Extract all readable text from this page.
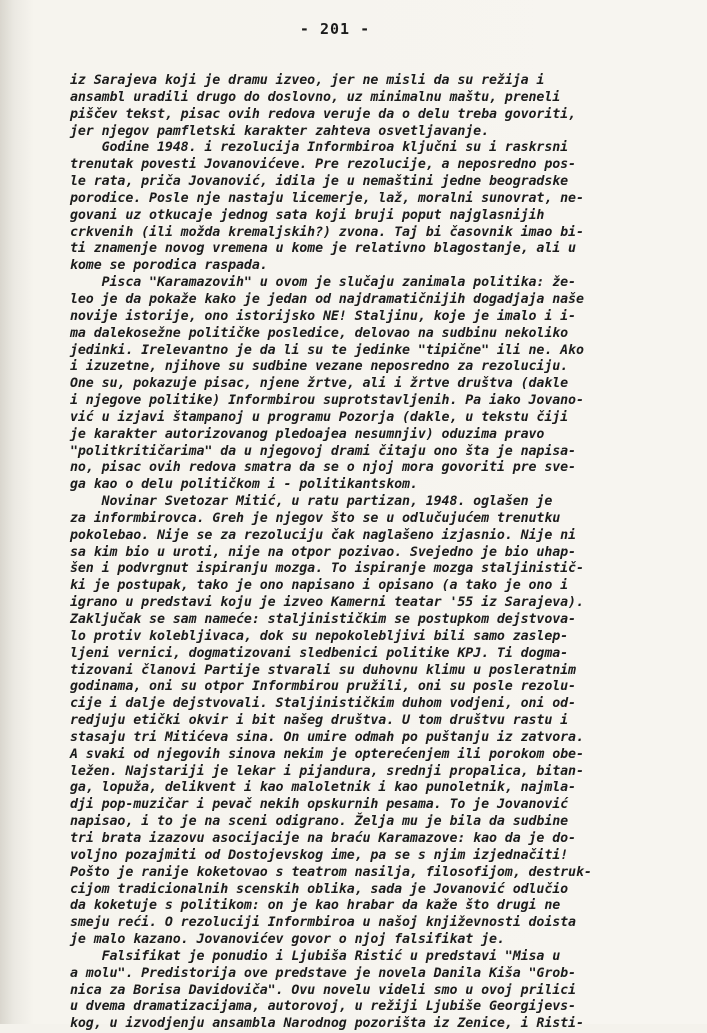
- 201 -
iz Sarajeva koji je dramu izveo, jer ne misli da su režija i
ansambl uradili drugo do doslovno, uz minimalnu maštu, preneli
piščev tekst, pisac ovih redova veruje da o delu treba govoriti,
jer njegov pamfletski karakter zahteva osvetljavanje.
Godine 1948. i rezolucija Informbiroa ključni su i raskrsni
trenutak povesti Jovanovićeve. Pre rezolucije, a neposredno pos-
le rata, priča Jovanović, idila je u nemaštini jedne beogradske
porodice. Posle nje nastaju licemerje, laž, moralni sunovrat, ne-
govani uz otkucaje jednog sata koji bruji poput najglasnijih
crkvenih (ili možda kremaljskih?) zvona. Taj bi časovnik imao bi-
ti znamenje novog vremena u kome je relativno blagostanje, ali u
kome se porodica raspada.
Pisca "Karamazovih" u ovom je slučaju zanimala politika: že-
leo je da pokaže kako je jedan od najdramatičnijih dogadjaja naše
novije istorije, ono istorijsko NE! Staljinu, koje je imalo i i-
ma dalekosežne političke posledice, delovao na sudbinu nekoliko
jedinki. Irelevantno je da li su te jedinke "tipične" ili ne. Ako
i izuzetne, njihove su sudbine vezane neposredno za rezoluciju.
One su, pokazuje pisac, njene žrtve, ali i žrtve društva (dakle
i njegove politike) Informbirou suprotstavljenih. Pa iako Jovano-
vić u izjavi štampanoj u programu Pozorja (dakle, u tekstu čiji
je karakter autorizovanog pledoajea nesumnjiv) oduzima pravo
"politkritičarima" da u njegovoj drami čitaju ono šta je napisa-
no, pisac ovih redova smatra da se o njoj mora govoriti pre sve-
ga kao o delu političkom i - politikantskom.
Novinar Svetozar Mitić, u ratu partizan, 1948. oglašen je
za informbirovca. Greh je njegov što se u odlučujućem trenutku
pokolebao. Nije se za rezoluciju čak naglašeno izjasnio. Nije ni
sa kim bio u uroti, nije na otpor pozivao. Svejedno je bio uhap-
šen i podvrgnut ispiranju mozga. To ispiranje mozga staljinistič-
ki je postupak, tako je ono napisano i opisano (a tako je ono i
igrano u predstavi koju je izveo Kamerni teatar '55 iz Sarajeva).
Zaključak se sam nameće: staljinističkim se postupkom dejstvova-
lo protiv kolebljivaca, dok su nepokolebljivi bili samo zaslep-
ljeni vernici, dogmatizovani sledbenici politike KPJ. Ti dogma-
tizovani članovi Partije stvarali su duhovnu klimu u posleratnim
godinama, oni su otpor Informbirou pružili, oni su posle rezolu-
cije i dalje dejstvovali. Staljinističkim duhom vodjeni, oni od-
redjuju etički okvir i bit našeg društva. U tom društvu rastu i
stasaju tri Mitićeva sina. On umire odmah po puštanju iz zatvora.
A svaki od njegovih sinova nekim je opterećenjem ili porokom obe-
ležen. Najstariji je lekar i pijandura, srednji propalica, bitan-
ga, lopuža, delikvent i kao maloletnik i kao punoletnik, najmla-
dji pop-muzičar i pevač nekih opskurnih pesama. To je Jovanović
napisao, i to je na sceni odigrano. Želja mu je bila da sudbine
tri brata izazovu asocijacije na braću Karamazove: kao da je do-
voljno pozajmiti od Dostojevskog ime, pa se s njim izjednačiti!
Pošto je ranije koketovao s teatrom nasilja, filosofijom, destruk-
cijom tradicionalnih scenskih oblika, sada je Jovanović odlučio
da koketuje s politikom: on je kao hrabar da kaže što drugi ne
smeju reći. O rezoluciji Informbiroa u našoj književnosti doista
je malo kazano. Jovanovićev govor o njoj falsifikat je.
Falsifikat je ponudio i Ljubiša Ristić u predstavi "Misa u
a molu". Predistorija ove predstave je novela Danila Kiša "Grob-
nica za Borisa Davidoviča". Ovu novelu videli smo u ovoj prilici
u dvema dramatizacijama, autorovoj, u režiji Ljubiše Georgijevs-
kog, u izvodjenju ansambla Narodnog pozorišta iz Zenice, i Risti-
